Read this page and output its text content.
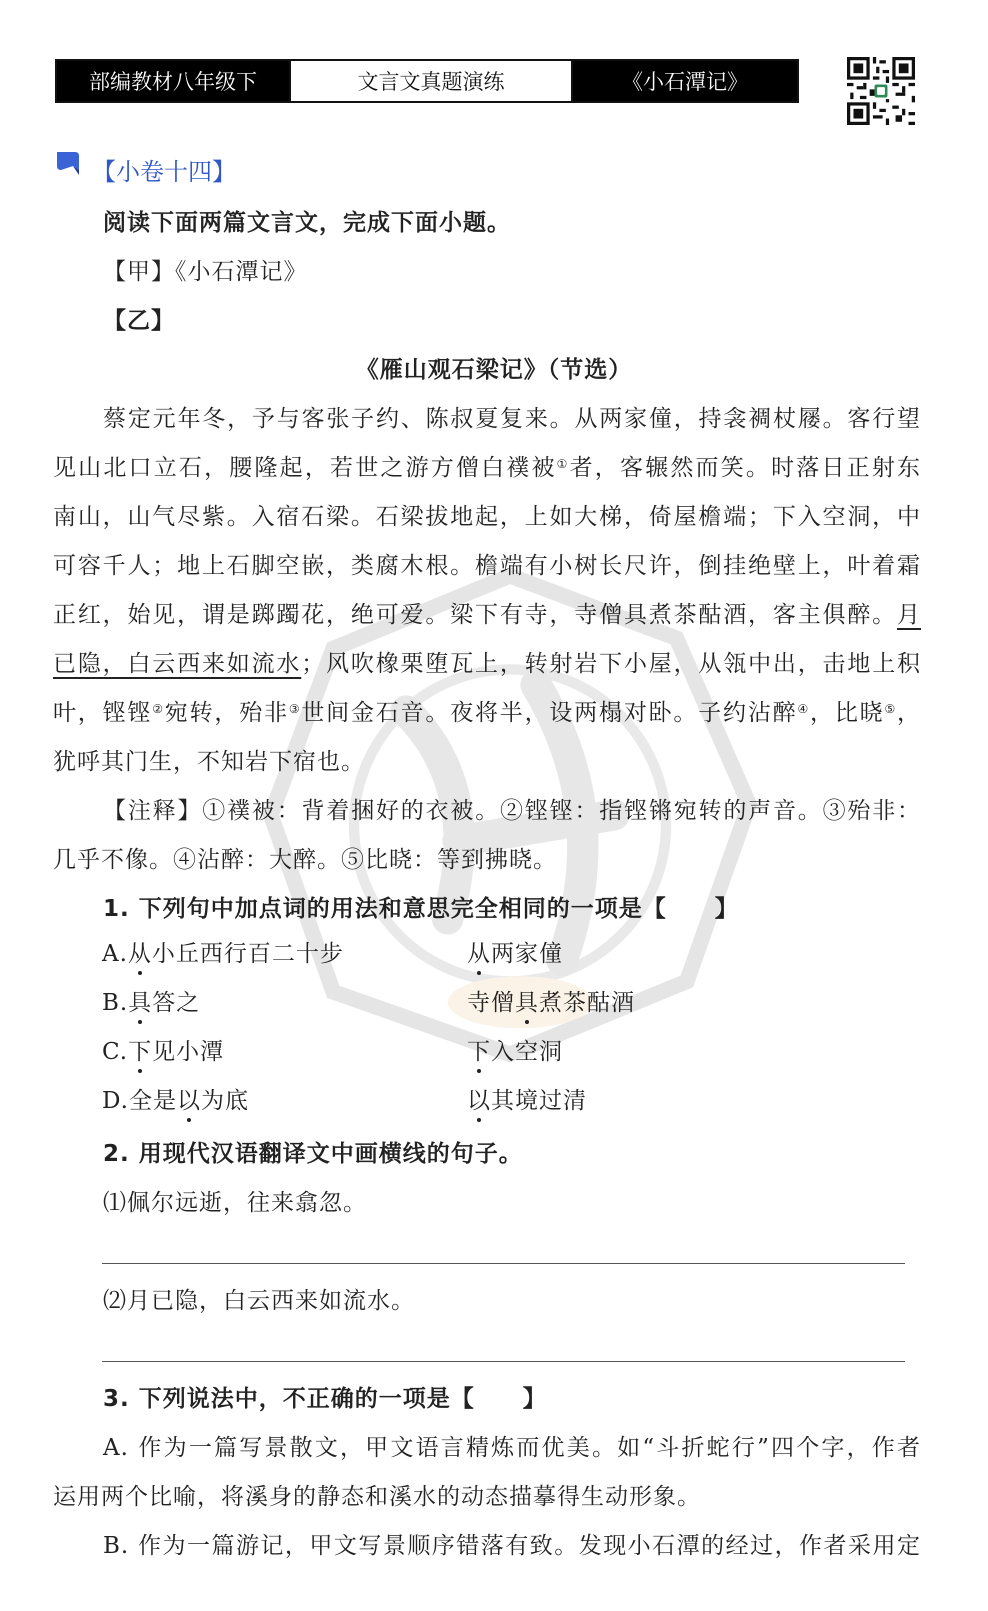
部编教材八年级下	文言文真题演练	《小石潭记》
【小卷十四】
阅读下面两篇文言文，完成下面小题。
【甲】《小石潭记》
【乙】
《雁山观石梁记》（节选）
蔡定元年冬，予与客张子约、陈叔夏复来。从两家僮，持衾裯杖屦。客行望
见山北口立石，腰隆起，若世之游方僧白襆被①者，客辗然而笑。时落日正射东
南山，山气尽紫。入宿石梁。石梁拔地起，上如大梯，倚屋檐端；下入空洞，中
可容千人；地上石脚空嵌，类腐木根。檐端有小树长尺许，倒挂绝壁上，叶着霜
正红，始见，谓是踯躅花，绝可爱。梁下有寺，寺僧具煮茶酤酒，客主俱醉。月
已隐，白云西来如流水；风吹橡栗堕瓦上，转射岩下小屋，从瓴中出，击地上积
叶，铿铿②宛转，殆非③世间金石音。夜将半，设两榻对卧。子约沾醉④，比晓⑤，
犹呼其门生，不知岩下宿也。
【注释】①襆被：背着捆好的衣被。②铿铿：指铿锵宛转的声音。③殆非：
几乎不像。④沾醉：大醉。⑤比晓：等到拂晓。
1. 下列句中加点词的用法和意思完全相同的一项是【　　】
A.从小丘西行百二十步	从两家僮
B.具答之	寺僧具煮茶酤酒
C.下见小潭	下入空洞
D.全是以为底	以其境过清
2. 用现代汉语翻译文中画横线的句子。
⑴佩尔远逝，往来翕忽。
⑵月已隐，白云西来如流水。
3. 下列说法中，不正确的一项是【　　】
A. 作为一篇写景散文，甲文语言精炼而优美。如“斗折蛇行”四个字，作者
运用两个比喻，将溪身的静态和溪水的动态描摹得生动形象。
B. 作为一篇游记，甲文写景顺序错落有致。发现小石潭的经过，作者采用定
